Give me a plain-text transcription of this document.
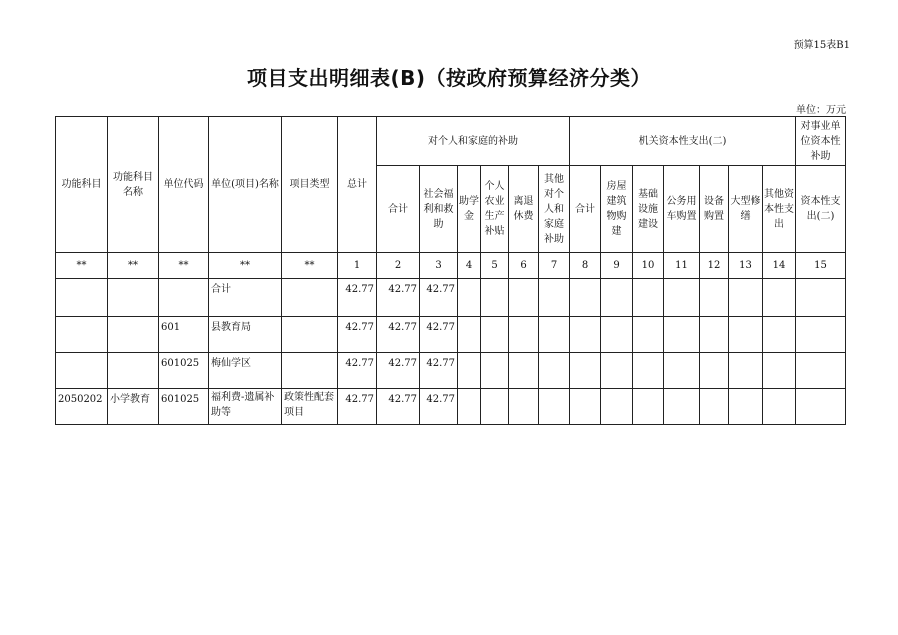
预算15表B1
项目支出明细表(B)（按政府预算经济分类）
单位：万元
功能科目	功能科目名称	单位代码	单位(项目)名称	项目类型	总计	对个人和家庭的补助						机关资本性支出(二)							对事业单位资本性补助
						合计	社会福利和救助	助学金	个人农业生产补贴	离退休费	其他对个人和家庭补助	合计	房屋建筑物购建	基础设施建设	公务用车购置	设备购置	大型修缮	其他资本性支出	资本性支出(二)
**	**	**	**	**	1	2	3	4	5	6	7	8	9	10	11	12	13	14	15
			合计		42.77	42.77	42.77												
		601	县教育局		42.77	42.77	42.77												
		601025	梅仙学区		42.77	42.77	42.77												
2050202	小学教育	601025	福利费-遗属补助等	政策性配套项目	42.77	42.77	42.77												
